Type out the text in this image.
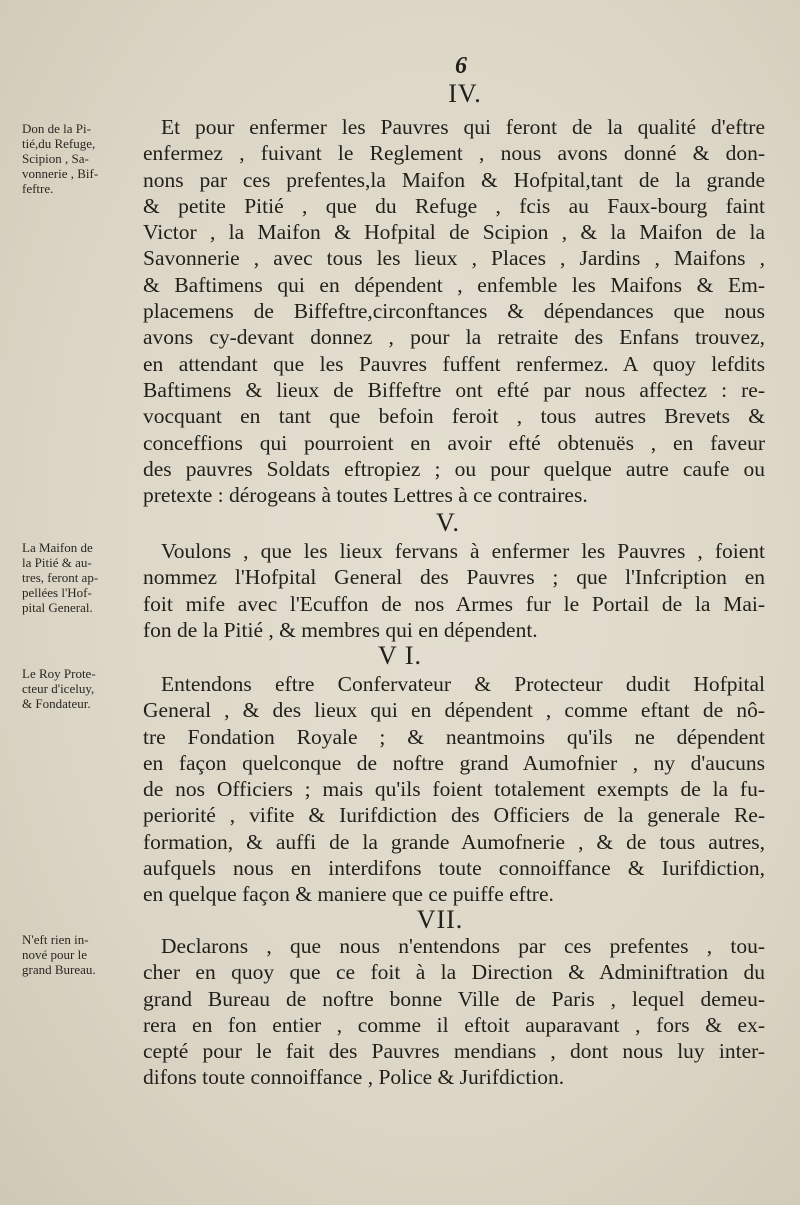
6
IV.
Don de la Pi-
tié,du Refuge,
Scipion , Sa-
vonnerie , Bif-
feftre.
Et pour enfermer les Pauvres qui feront de la qualité d'eftre
enfermez , fuivant le Reglement , nous avons donné & don-
nons par ces prefentes,la Maifon & Hofpital,tant de la grande
& petite Pitié , que du Refuge , fcis au Faux-bourg faint
Victor , la Maifon & Hofpital de Scipion , & la Maifon de la
Savonnerie , avec tous les lieux , Places , Jardins , Maifons ,
& Baftimens qui en dépendent , enfemble les Maifons & Em-
placemens de Biffeftre,circonftances & dépendances que nous
avons cy-devant donnez , pour la retraite des Enfans trouvez,
en attendant que les Pauvres fuffent renfermez. A quoy lefdits
Baftimens & lieux de Biffeftre ont efté par nous affectez : re-
vocquant en tant que befoin feroit , tous autres Brevets &
conceffions qui pourroient en avoir efté obtenuës , en faveur
des pauvres Soldats eftropiez ; ou pour quelque autre caufe ou
pretexte : dérogeans à toutes Lettres à ce contraires.
V.
La Maifon de
la Pitié & au-
tres, feront ap-
pellées l'Hof-
pital General.
Voulons , que les lieux fervans à enfermer les Pauvres , foient
nommez l'Hofpital General des Pauvres ; que l'Infcription en
foit mife avec l'Ecuffon de nos Armes fur le Portail de la Mai-
fon de la Pitié , & membres qui en dépendent.
V I.
Le Roy Prote-
cteur d'iceluy,
& Fondateur.
Entendons eftre Confervateur & Protecteur dudit Hofpital
General , & des lieux qui en dépendent , comme eftant de nô-
tre Fondation Royale ; & neantmoins qu'ils ne dépendent
en façon quelconque de noftre grand Aumofnier , ny d'aucuns
de nos Officiers ; mais qu'ils foient totalement exempts de la fu-
periorité , vifite & Iurifdiction des Officiers de la generale Re-
formation, & auffi de la grande Aumofnerie , & de tous autres,
aufquels nous en interdifons toute connoiffance & Iurifdiction,
en quelque façon & maniere que ce puiffe eftre.
VII.
N'eft rien in-
nové pour le
grand Bureau.
Declarons , que nous n'entendons par ces prefentes , tou-
cher en quoy que ce foit à la Direction & Adminiftration du
grand Bureau de noftre bonne Ville de Paris , lequel demeu-
rera en fon entier , comme il eftoit auparavant , fors & ex-
cepté pour le fait des Pauvres mendians , dont nous luy inter-
difons toute connoiffance , Police & Jurifdiction.
